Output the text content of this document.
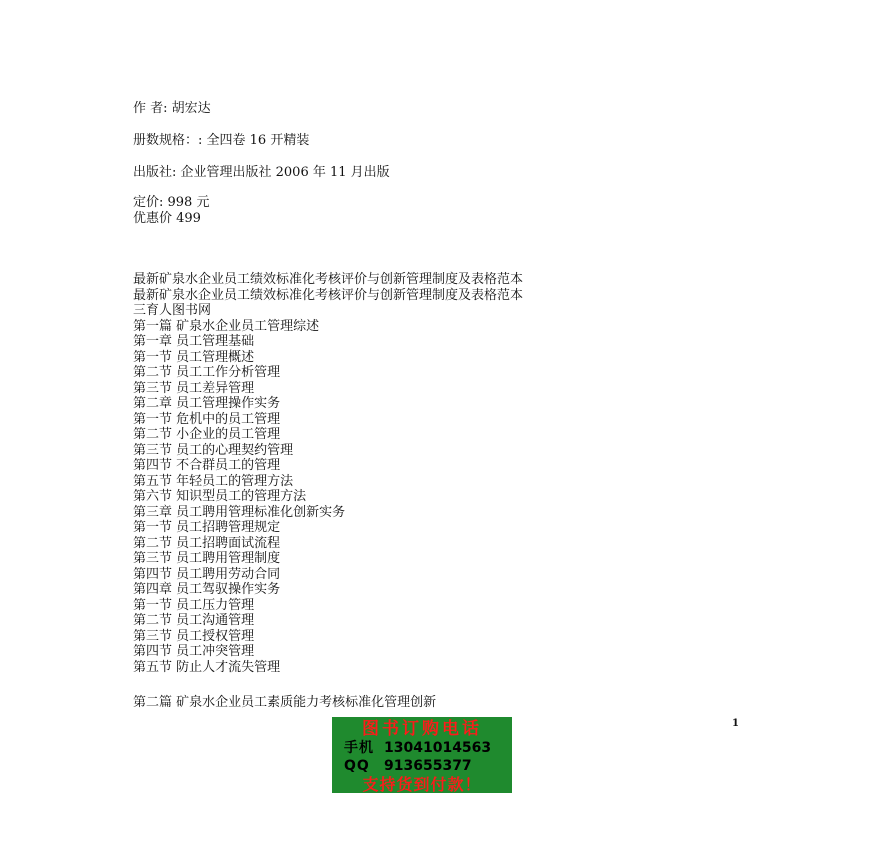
作 者: 胡宏达
册数规格：: 全四卷 16 开精装
出版社: 企业管理出版社 2006 年 11 月出版
定价: 998 元
优惠价 499
最新矿泉水企业员工绩效标准化考核评价与创新管理制度及表格范本
最新矿泉水企业员工绩效标准化考核评价与创新管理制度及表格范本
三育人图书网
第一篇 矿泉水企业员工管理综述
第一章 员工管理基础
第一节 员工管理概述
第二节 员工工作分析管理
第三节 员工差异管理
第二章 员工管理操作实务
第一节 危机中的员工管理
第二节 小企业的员工管理
第三节 员工的心理契约管理
第四节 不合群员工的管理
第五节 年轻员工的管理方法
第六节 知识型员工的管理方法
第三章 员工聘用管理标准化创新实务
第一节 员工招聘管理规定
第二节 员工招聘面试流程
第三节 员工聘用管理制度
第四节 员工聘用劳动合同
第四章 员工驾驭操作实务
第一节 员工压力管理
第二节 员工沟通管理
第三节 员工授权管理
第四节 员工冲突管理
第五节 防止人才流失管理
第二篇 矿泉水企业员工素质能力考核标准化管理创新
图书订购电话
手机 13041014563
QQ 913655377
支持货到付款！
1
